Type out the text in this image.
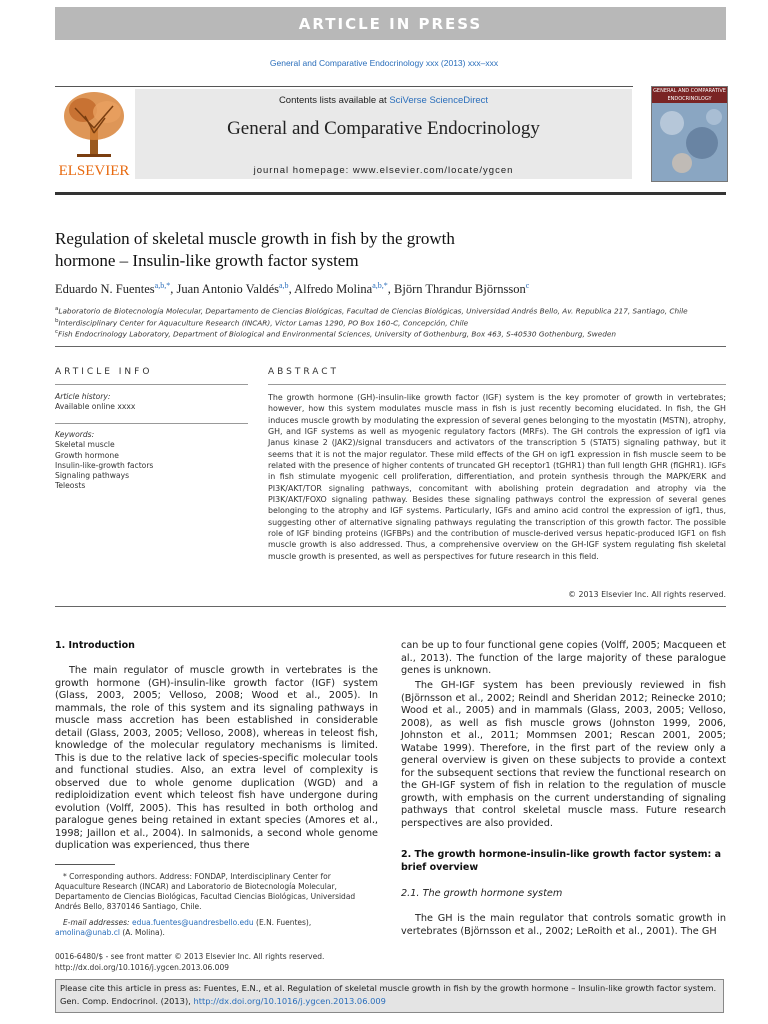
ARTICLE IN PRESS
General and Comparative Endocrinology xxx (2013) xxx–xxx
ELSEVIER
Contents lists available at SciVerse ScienceDirect
General and Comparative Endocrinology
journal homepage: www.elsevier.com/locate/ygcen
GENERAL AND COMPARATIVE ENDOCRINOLOGY
Regulation of skeletal muscle growth in fish by the growth
hormone – Insulin-like growth factor system
Eduardo N. Fuentes$^{a,b,*}$, Juan Antonio Valdés$^{a,b}$, Alfredo Molina$^{a,b,*}$, Björn Thrandur Björnsson$^c$
$^a$Laboratorio de Biotecnología Molecular, Departamento de Ciencias Biológicas, Facultad de Ciencias Biológicas, Universidad Andrés Bello, Av. Republica 217, Santiago, Chile
$^b$Interdisciplinary Center for Aquaculture Research (INCAR), Victor Lamas 1290, PO Box 160-C, Concepción, Chile
$^c$Fish Endocrinology Laboratory, Department of Biological and Environmental Sciences, University of Gothenburg, Box 463, S-40530 Gothenburg, Sweden
ARTICLE INFO
Article history:
Available online xxxx
Keywords:
Skeletal muscle
Growth hormone
Insulin-like-growth factors
Signaling pathways
Teleosts
ABSTRACT
The growth hormone (GH)-insulin-like growth factor (IGF) system is the key promoter of growth in vertebrates; however, how this system modulates muscle mass in fish is just recently becoming elucidated. In fish, the GH induces muscle growth by modulating the expression of several genes belonging to the myostatin (MSTN), atrophy, GH, and IGF systems as well as myogenic regulatory factors (MRFs). The GH controls the expression of igf1 via Janus kinase 2 (JAK2)/signal transducers and activators of the transcription 5 (STAT5) signaling pathway, but it seems that it is not the major regulator. These mild effects of the GH on igf1 expression in fish muscle seem to be related with the presence of higher contents of truncated GH receptor1 (tGHR1) than full length GHR (flGHR1). IGFs in fish stimulate myogenic cell proliferation, differentiation, and protein synthesis through the MAPK/ERK and PI3K/AKT/TOR signaling pathways, concomitant with abolishing protein degradation and atrophy via the PI3K/AKT/FOXO signaling pathway. Besides these signaling pathways control the expression of several genes belonging to the atrophy and IGF systems. Particularly, IGFs and amino acid control the expression of igf1, thus, suggesting other of alternative signaling pathways regulating the transcription of this growth factor. The possible role of IGF binding proteins (IGFBPs) and the contribution of muscle-derived versus hepatic-produced IGF1 on fish muscle growth is also addressed. Thus, a comprehensive overview on the GH-IGF system regulating fish skeletal muscle growth is presented, as well as perspectives for future research in this field.
© 2013 Elsevier Inc. All rights reserved.
1. Introduction
The main regulator of muscle growth in vertebrates is the growth hormone (GH)-insulin-like growth factor (IGF) system (Glass, 2003, 2005; Velloso, 2008; Wood et al., 2005). In mammals, the role of this system and its signaling pathways in muscle mass accretion has been established in considerable detail (Glass, 2003, 2005; Velloso, 2008), whereas in teleost fish, knowledge of the molecular regulatory mechanisms is limited. This is due to the relative lack of species-specific molecular tools and functional studies. Also, an extra level of complexity is observed due to whole genome duplication (WGD) and a rediploidization event which teleost fish have undergone during evolution (Volff, 2005). This has resulted in both ortholog and paralogue genes being retained in extant species (Amores et al., 1998; Jaillon et al., 2004). In salmonids, a second whole genome duplication was experienced, thus there
* Corresponding authors. Address: FONDAP, Interdisciplinary Center for Aquaculture Research (INCAR) and Laboratorio de Biotecnología Molecular, Departamento de Ciencias Biológicas, Facultad Ciencias Biológicas, Universidad Andrés Bello, 8370146 Santiago, Chile.
E-mail addresses: edua.fuentes@uandresbello.edu (E.N. Fuentes), amolina@unab.cl (A. Molina).
0016-6480/$ - see front matter © 2013 Elsevier Inc. All rights reserved.
http://dx.doi.org/10.1016/j.ygcen.2013.06.009
can be up to four functional gene copies (Volff, 2005; Macqueen et al., 2013). The function of the large majority of these paralogue genes is unknown.
The GH-IGF system has been previously reviewed in fish (Björnsson et al., 2002; Reindl and Sheridan 2012; Reinecke 2010; Wood et al., 2005) and in mammals (Glass, 2003, 2005; Velloso, 2008), as well as fish muscle grows (Johnston 1999, 2006, Johnston et al., 2011; Mommsen 2001; Rescan 2001, 2005; Watabe 1999). Therefore, in the first part of the review only a general overview is given on these subjects to provide a context for the subsequent sections that review the functional research on the GH-IGF system of fish in relation to the regulation of muscle growth, with emphasis on the current understanding of signaling pathways that control skeletal muscle mass. Future research perspectives are also provided.
2. The growth hormone-insulin-like growth factor system: a
brief overview
2.1. The growth hormone system
The GH is the main regulator that controls somatic growth in vertebrates (Björnsson et al., 2002; LeRoith et al., 2001). The GH
Please cite this article in press as: Fuentes, E.N., et al. Regulation of skeletal muscle growth in fish by the growth hormone – Insulin-like growth factor system. Gen. Comp. Endocrinol. (2013), http://dx.doi.org/10.1016/j.ygcen.2013.06.009
